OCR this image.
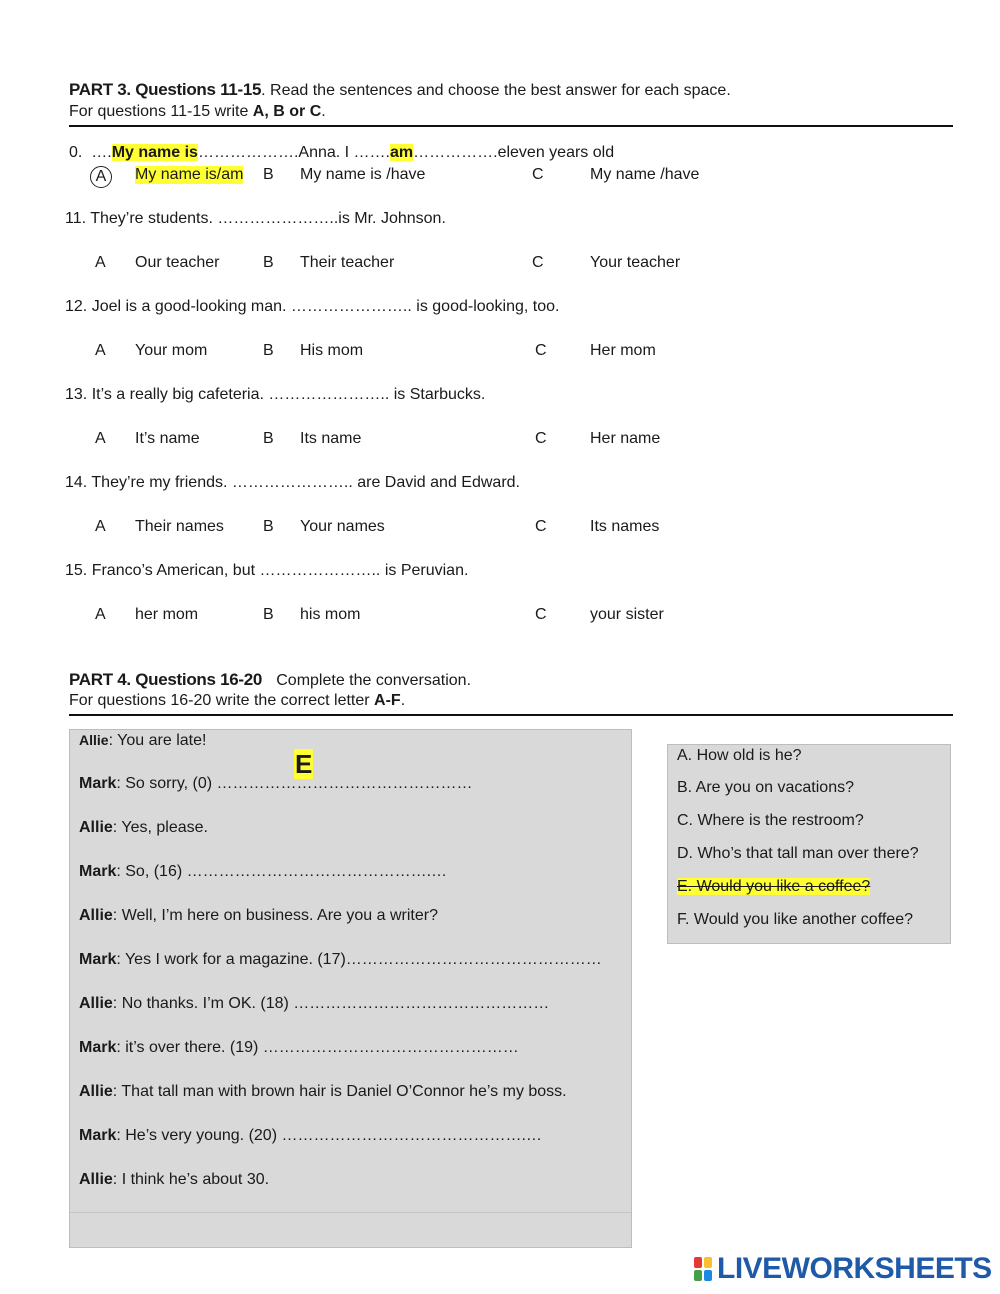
PART 3. Questions 11-15. Read the sentences and choose the best answer for each space.
For questions 11-15 write A, B or C.
0. ….My name is……………….Anna. I …….am…………….eleven years old
A	My name is/am B My name is /have	C	My name /have
11. They’re students. …………………..is Mr. Johnson.
A Our teacher	B Their teacher	C	Your teacher
12. Joel is a good-looking man. ………………….. is good-looking, too.
A Your mom	B His mom	C	Her mom
13. It’s a really big cafeteria. ………………….. is Starbucks.
A It’s name	B Its name	C	Her name
14. They’re my friends. ………………….. are David and Edward.
A Their names B Your names	C	Its names
15. Franco’s American, but ………………….. is Peruvian.
A her mom	B his mom	C	your sister
PART 4. Questions 16-20 Complete the conversation.
For questions 16-20 write the correct letter A-F.
Allie: You are late!
E
Mark: So sorry, (0) …………………………………………
Allie: Yes, please.
Mark: So, (16) ……………………………………….…
Allie: Well, I’m here on business. Are you a writer?
Mark: Yes I work for a magazine. (17)…………………………………………
Allie: No thanks. I’m OK. (18) …………………………………………
Mark: it’s over there. (19) …………………………………………
Allie: That tall man with brown hair is Daniel O’Connor he’s my boss.
Mark: He’s very young. (20) ……………………………………….…
Allie: I think he’s about 30.
A. How old is he?
B. Are you on vacations?
C. Where is the restroom?
D. Who’s that tall man over there?
E. Would you like a coffee?
F. Would you like another coffee?
LIVEWORKSHEETS
